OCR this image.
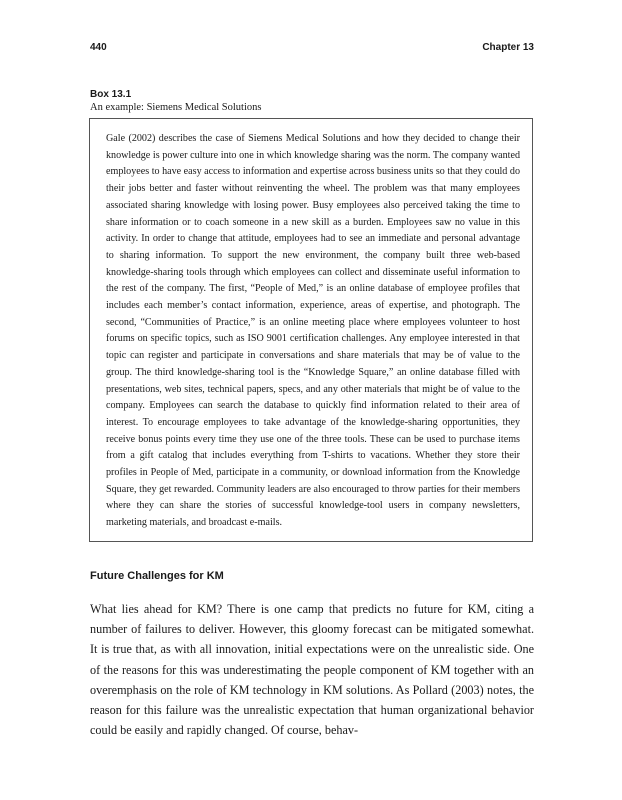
440	Chapter 13
Box 13.1
An example: Siemens Medical Solutions
Gale (2002) describes the case of Siemens Medical Solutions and how they decided to change their knowledge is power culture into one in which knowledge sharing was the norm. The company wanted employees to have easy access to information and expertise across business units so that they could do their jobs better and faster without reinventing the wheel. The problem was that many employees associated sharing knowledge with losing power. Busy employees also perceived taking the time to share information or to coach someone in a new skill as a burden. Employees saw no value in this activity. In order to change that attitude, employees had to see an immediate and personal advantage to sharing information. To support the new environment, the company built three web-based knowledge-sharing tools through which employees can collect and disseminate useful information to the rest of the company. The first, “People of Med,” is an online database of employee profiles that includes each member’s contact information, experience, areas of expertise, and photograph. The second, “Communities of Practice,” is an online meeting place where employees volunteer to host forums on specific topics, such as ISO 9001 certification challenges. Any employee interested in that topic can register and participate in conversations and share materials that may be of value to the group. The third knowledge-sharing tool is the “Knowledge Square,” an online database filled with presentations, web sites, technical papers, specs, and any other materials that might be of value to the company. Employees can search the database to quickly find information related to their area of interest. To encourage employees to take advantage of the knowledge-sharing opportunities, they receive bonus points every time they use one of the three tools. These can be used to purchase items from a gift catalog that includes everything from T-shirts to vacations. Whether they store their profiles in People of Med, participate in a community, or download information from the Knowledge Square, they get rewarded. Community leaders are also encouraged to throw parties for their members where they can share the stories of successful knowledge-tool users in company newsletters, marketing materials, and broadcast e-mails.
Future Challenges for KM
What lies ahead for KM? There is one camp that predicts no future for KM, citing a number of failures to deliver. However, this gloomy forecast can be mitigated somewhat. It is true that, as with all innovation, initial expectations were on the unrealistic side. One of the reasons for this was underestimating the people component of KM together with an overemphasis on the role of KM technology in KM solutions. As Pollard (2003) notes, the reason for this failure was the unrealistic expectation that human organizational behavior could be easily and rapidly changed. Of course, behav-
